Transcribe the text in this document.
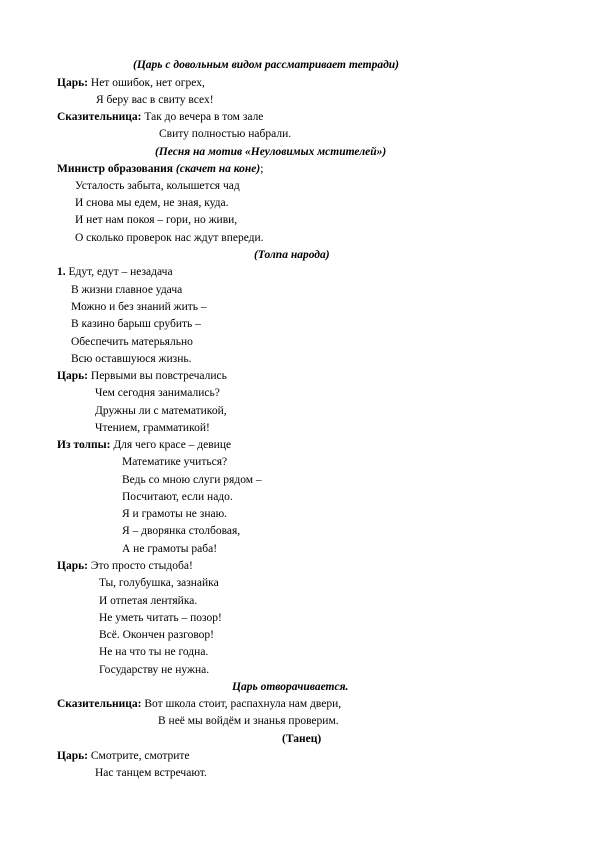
(Царь с довольным видом рассматривает тетради)
Царь: Нет ошибок, нет огрех,
Я беру вас в свиту всех!
Сказительница: Так до вечера в том зале
Свиту полностью набрали.
(Песня на мотив «Неуловимых мстителей»)
Министр образования (скачет на коне);
Усталость забыта, колышется чад
И снова мы едем, не зная, куда.
И нет нам покоя – гори, но живи,
О сколько проверок нас ждут впереди.
(Толпа народа)
1. Едут, едут – незадача
В жизни главное удача
Можно и без знаний жить –
В казино барыш срубить –
Обеспечить матерьяльно
Всю оставшуюся жизнь.
Царь: Первыми вы повстречались
Чем сегодня занимались?
Дружны ли с математикой,
Чтением, грамматикой!
Из толпы: Для чего красе – девице
Математике учиться?
Ведь со мною слуги рядом –
Посчитают, если надо.
Я и грамоты не знаю.
Я – дворянка столбовая,
А не грамоты раба!
Царь: Это просто стыдоба!
Ты, голубушка, зазнайка
И отпетая лентяйка.
Не уметь читать – позор!
Всё. Окончен разговор!
Не на что ты не годна.
Государству не нужна.
Царь отворачивается.
Сказительница: Вот школа стоит, распахнула нам двери,
В неё мы войдём и знанья проверим.
(Танец)
Царь: Смотрите, смотрите
Нас танцем встречают.
